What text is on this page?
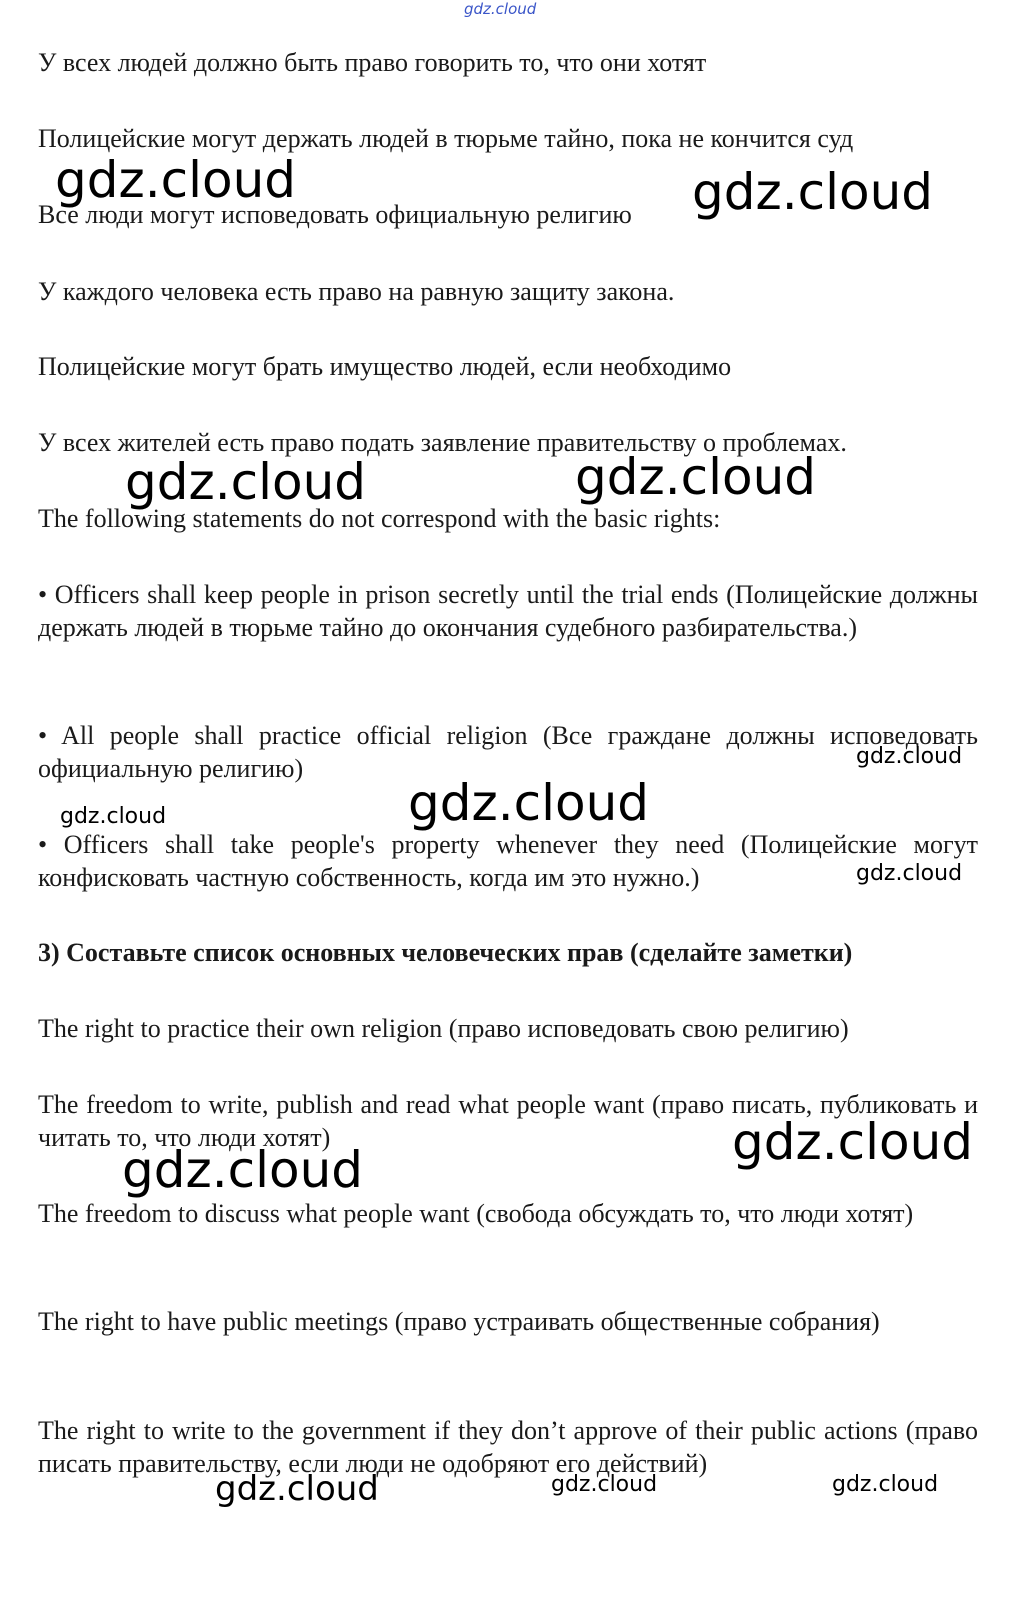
gdz.cloud

У всех людей должно быть право говорить то, что они хотят

Полицейские могут держать людей в тюрьме тайно, пока не кончится суд

Все люди могут исповедовать официальную религию

У каждого человека есть право на равную защиту закона.

Полицейские могут брать имущество людей, если необходимо

У всех жителей есть право подать заявление правительству о проблемах.

The following statements do not correspond with the basic rights:

• Officers shall keep people in prison secretly until the trial ends (Полицейские должны держать людей в тюрьме тайно до окончания судебного разбирательства.)

• All people shall practice official religion (Все граждане должны исповедовать официальную религию)

• Officers shall take people's property whenever they need (Полицейские могут конфисковать частную собственность, когда им это нужно.)

3) Составьте список основных человеческих прав (сделайте заметки)

The right to practice their own religion (право исповедовать свою религию)

The freedom to write, publish and read what people want (право писать, публиковать и читать то, что люди хотят)

The freedom to discuss what people want (свобода обсуждать то, что люди хотят)

The right to have public meetings (право устраивать общественные собрания)

The right to write to the government if they don’t approve of their public actions (право писать правительству, если люди не одобряют его действий)

gdz.cloud	gdz.cloud
gdz.cloud	gdz.cloud
gdz.cloud
gdz.cloud	gdz.cloud
gdz.cloud
gdz.cloud
gdz.cloud
gdz.cloud	gdz.cloud	gdz.cloud
